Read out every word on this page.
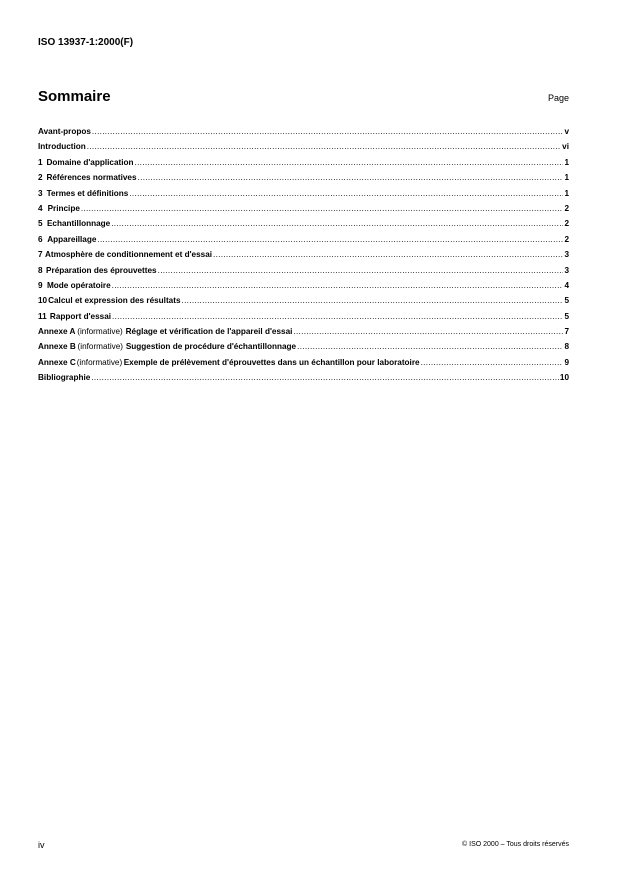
ISO 13937-1:2000(F)
Sommaire	Page
Avant-propos .....	v
Introduction .....	vi
1 Domaine d'application .....	1
2 Références normatives .....	1
3 Termes et définitions .....	1
4 Principe .....	2
5 Echantillonnage .....	2
6 Appareillage .....	2
7 Atmosphère de conditionnement et d'essai .....	3
8 Préparation des éprouvettes .....	3
9 Mode opératoire .....	4
10 Calcul et expression des résultats .....	5
11 Rapport d'essai .....	5
Annexe A (informative) Réglage et vérification de l'appareil d'essai .....	7
Annexe B (informative) Suggestion de procédure d'échantillonnage .....	8
Annexe C (informative) Exemple de prélèvement d'éprouvettes dans un échantillon pour laboratoire .....	9
Bibliographie .....	10
iv	© ISO 2000 – Tous droits réservés
